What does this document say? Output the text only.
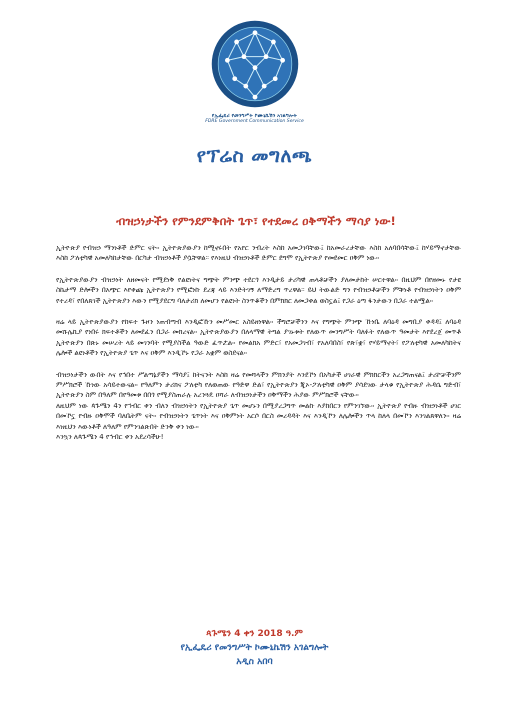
የኢፌዴሪ የመንግሥት ኮሙኒኬሽን አገልግሎት
FDRE Government Communication Service
የፕሬስ መግለጫ
ብዝኃነታችን የምንደምቅበት ጌጥ፣ የተደመረ ዐቅማችን ማሳያ ነው!

ኢትዮጵያ የብዝኃ ማንነቶች ድምር ናት፡፡ ኢትዮጵያውያን ከሚኖሩበት የአየር ንብረት እስከ አመጋገባቸው፤ ከአመራረታቸው እስከ አለባበሳቸው፤ ከሃይማኖታቸው እስከ ፖለቲካዊ አመለካከታቸው በርካታ ብዝኃነቶች ያሷቸዋል። የእነዚህ ብዝኃነቶች ድምር ደግሞ የኢትዮጵያ የመደመር ዐቅም ነው፡፡

የኢትዮጵያውያን ብዝኃነት ለዘመናት የሚደነቅ የልዩነትና ግጭት ምንጭ ተደርጎ እንዲታይ ታሪካዊ ጠላቶቻችን ያለመታከት ሠርተዋል፡፡ በዚህም በየዘመኑ የታዩ ስኬታማ ድሎችን በአጭር እየቀጩ ኢትዮጵያን የሚፎነኩ ደረጃ ላይ እንድትገኝ ለማድረግ ጥረዋል። ይህ ትውልድ ግን የብዝኃቶቻችን ምቹነቶ የብዝኃነትን ዐቅም የተረዳ፣ የበለጸገች ኢትዮጵያን እውን የሚያደርግ ባለታሪክ ለመሆን የልዩነት ስንጥቆችን በምክክር ለመጋቀል ወስኗል፤ የጋራ ዕጣ ፋንታውን በጋራ ተልሟል፡፡

ዛሬ ላይ ኢትዮጵያውያን የከፍተ ጉዞን ነጠብጣብ እንዲፎኹን መሥመር አስይዘነዋል፡፡ ችግሮቻችንን እና የግጭት ምንጭ ኹነቤ ለባዕዳ መግቢያ ቀዳዳ፤ ለባዕዳ መሹሌኪያ የነበሩ ክፍተቶችን ለመደፈን በጋራ መክረናል፡፡ ኢትዮጵያውያን በለላማዊ ትግል ያገኑቱት የለውጥ መንግሥት ባለፉት የለውጥ ዓመታት እየደረጀ መጥቶ ኢትዮጵያን በጽኑ መሠረት ላይ መገንባት የሚያስችል ዓውድ ፈጥሯል፡፡ የመልክአ ምድር፣ የአመጋገብ፣ የአለባበስ፣ የጽ፣ቋ፣ የሃይማኖት፣ የፖለቲካዊ አመለካከትና ሌሎች ልዩነቶችን የኢትዮጵያ ጌጥ እና ዐቅም እንዲኾኑ የጋራ አቋም ወስደናል፡፡

ብዝኃነታችን ውበት እና የኅበተ ሥልጣኔያችን ማሳያ፤ ከትናንት እስከ ዛሬ የመሻላችን ምክንያት እንደኾነ በአካታች ሀገራዊ ምክክርችን አረጋግጠናል፤ ታሪኮቻችንም ምሥክሮች ኹነው አሳይተውናል፡፡ የዓለምን ታሪክና ፖለቲካ የለወጠው የዓድዋ ድል፣ የኢትዮጵያን ጂኦ-ፖለቲካዊ ዐቅም ያሳደገው ታላቁ የኢትዮጵያ ሕዳሴ ግድብ፣ ኢትዮጵያን ስም በዓለም በየዓመቱ በበጎ የሚያስጠራሉ አረንጓዴ ዐሻራ ለብዝኃነታችን ዐቅማችን ሕያው ምሥክሮች ናቸው፡፡

ለዚህም ነው ጳጉሜን 4ን የኅብር ቀን ብለን ብዝኃነትን የኢትዮጵያ ጌጥ መሆኑን በሚያረጋግጥ መልኩ እያከበርን የምንገኘው፡፡ ኢትዮጵያ የብዙ ብዝኃነቶች ሀገር በመኾኗ የብዙ ዐቅሞች ባለቤትም ናት፡፡ የብዝኃነትን ጌጥነት እና ዐቅምነት አርሶ በርስ መረዳዳት እና እንዲኾን ለሌሎችን ጥላ ከለላ በመኾን እንገልጸዋለን፡፡ ዛሬ እነዚህን እውነቶች ለዓለም የምንገልጽበት ድንቅ ቀን ነው፡፡

እንኳን ለጳጉሜን 4 የኅብር ቀን አደረሳችሁ!

ጳጉሜን 4 ቀን 2018 ዓ.ም
የኢፌዴሪ የመንግሥት ኮሙኒኬሽን አገልግሎት
አዲስ አበባ
